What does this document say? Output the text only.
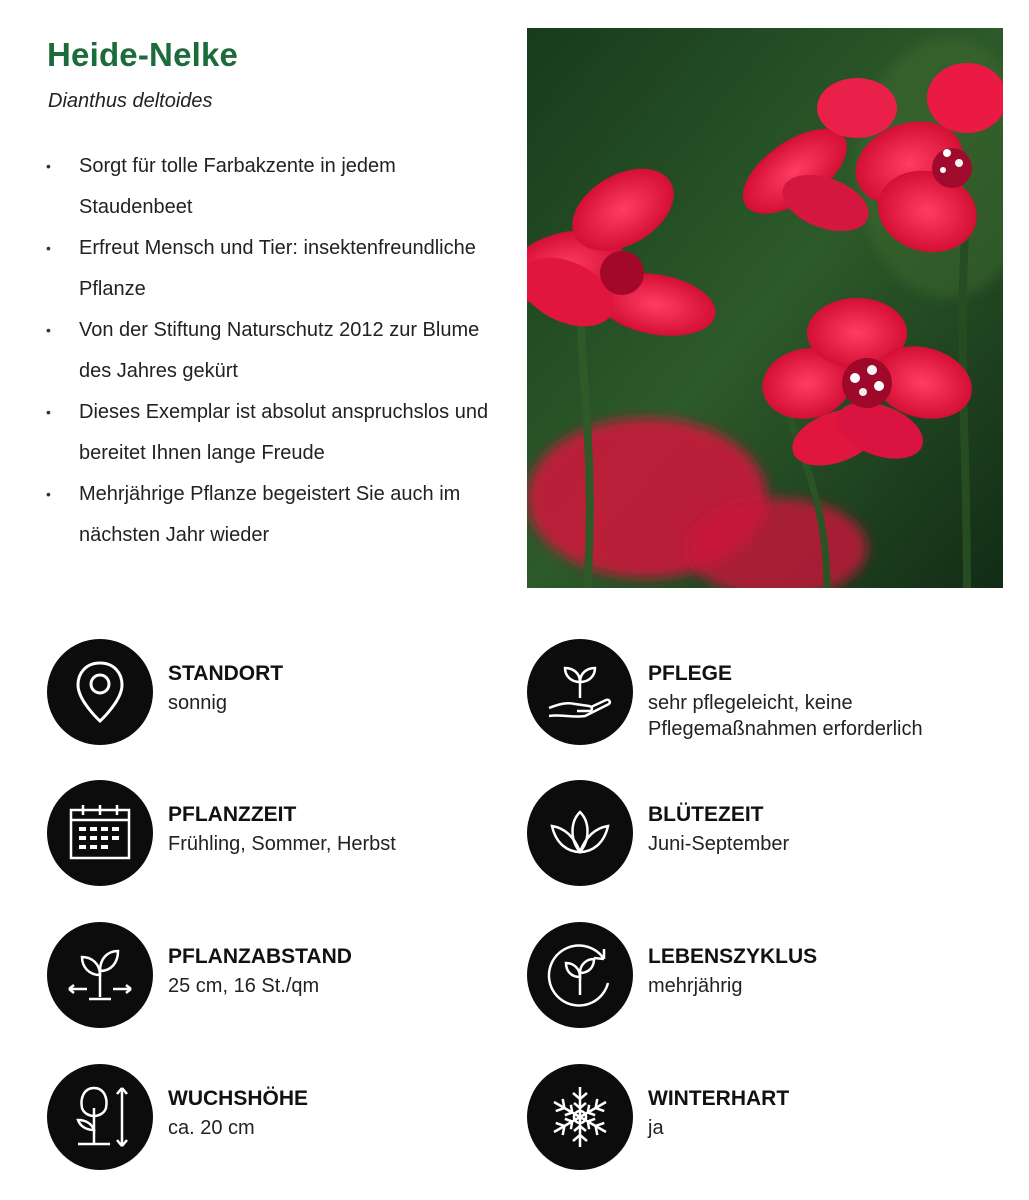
Heide-Nelke

Dianthus deltoides

• Sorgt für tolle Farbakzente in jedem Staudenbeet
• Erfreut Mensch und Tier: insektenfreundliche Pflanze
• Von der Stiftung Naturschutz 2012 zur Blume des Jahres gekürt
• Dieses Exemplar ist absolut anspruchslos und bereitet Ihnen lange Freude
• Mehrjährige Pflanze begeistert Sie auch im nächsten Jahr wieder

STANDORT

sonnig

PFLEGE

sehr pflegeleicht, keine Pflegemaßnahmen erforderlich

PFLANZZEIT

Frühling, Sommer, Herbst

BLÜTEZEIT

Juni-September

PFLANZABSTAND

25 cm, 16 St./qm

LEBENSZYKLUS

mehrjährig

WUCHSHÖHE

ca. 20 cm

WINTERHART

ja
